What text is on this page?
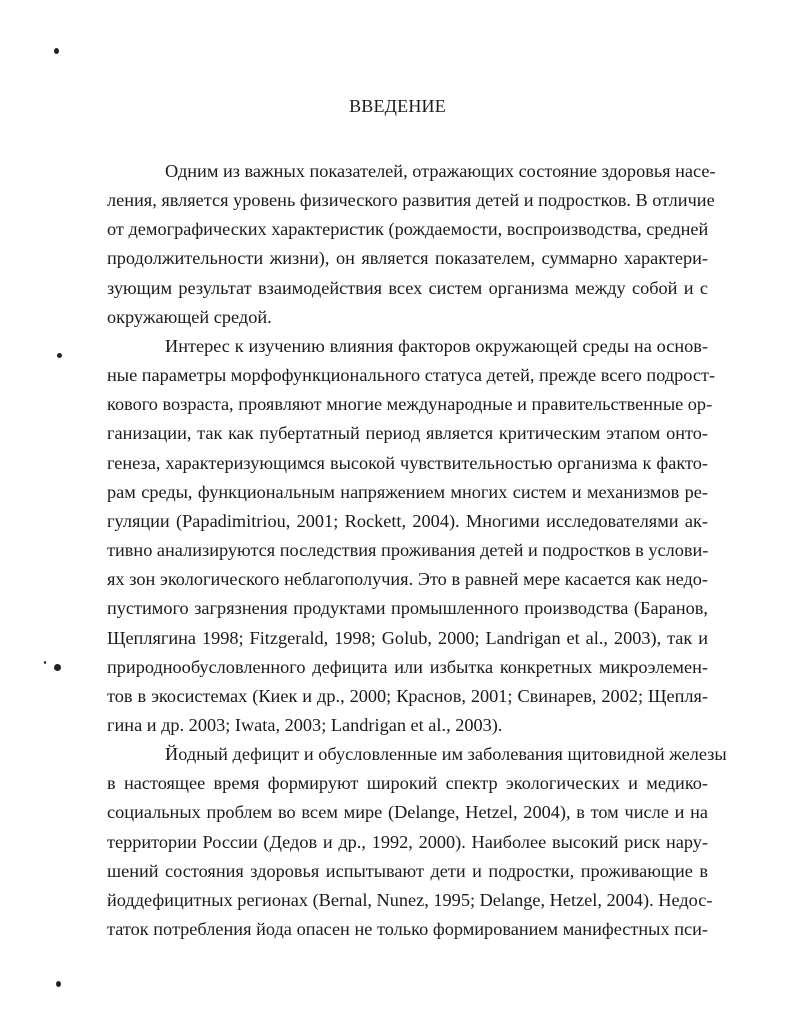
ВВЕДЕНИЕ
Одним из важных показателей, отражающих состояние здоровья насе-
ления, является уровень физического развития детей и подростков. В отличие
от демографических характеристик (рождаемости, воспроизводства, средней
продолжительности жизни), он является показателем, суммарно характери-
зующим результат взаимодействия всех систем организма между собой и с
окружающей средой.
Интерес к изучению влияния факторов окружающей среды на основ-
ные параметры морфофункционального статуса детей, прежде всего подрост-
кового возраста, проявляют многие международные и правительственные ор-
ганизации, так как пубертатный период является критическим этапом онто-
генеза, характеризующимся высокой чувствительностью организма к факто-
рам среды, функциональным напряжением многих систем и механизмов ре-
гуляции (Papadimitriou, 2001; Rockett, 2004). Многими исследователями ак-
тивно анализируются последствия проживания детей и подростков в услови-
ях зон экологического неблагополучия. Это в равней мере касается как недо-
пустимого загрязнения продуктами промышленного производства (Баранов,
Щеплягина 1998; Fitzgerald, 1998; Golub, 2000; Landrigan et al., 2003), так и
природнообусловленного дефицита или избытка конкретных микроэлемен-
тов в экосистемах (Киек и др., 2000; Краснов, 2001; Свинарев, 2002; Щепля-
гина и др. 2003; Iwata, 2003; Landrigan et al., 2003).
Йодный дефицит и обусловленные им заболевания щитовидной железы
в настоящее время формируют широкий спектр экологических и медико-
социальных проблем во всем мире (Delange, Hetzel, 2004), в том числе и на
территории России (Дедов и др., 1992, 2000). Наиболее высокий риск нару-
шений состояния здоровья испытывают дети и подростки, проживающие в
йоддефицитных регионах (Bernal, Nunez, 1995; Delange, Hetzel, 2004). Недос-
таток потребления йода опасен не только формированием манифестных пси-
